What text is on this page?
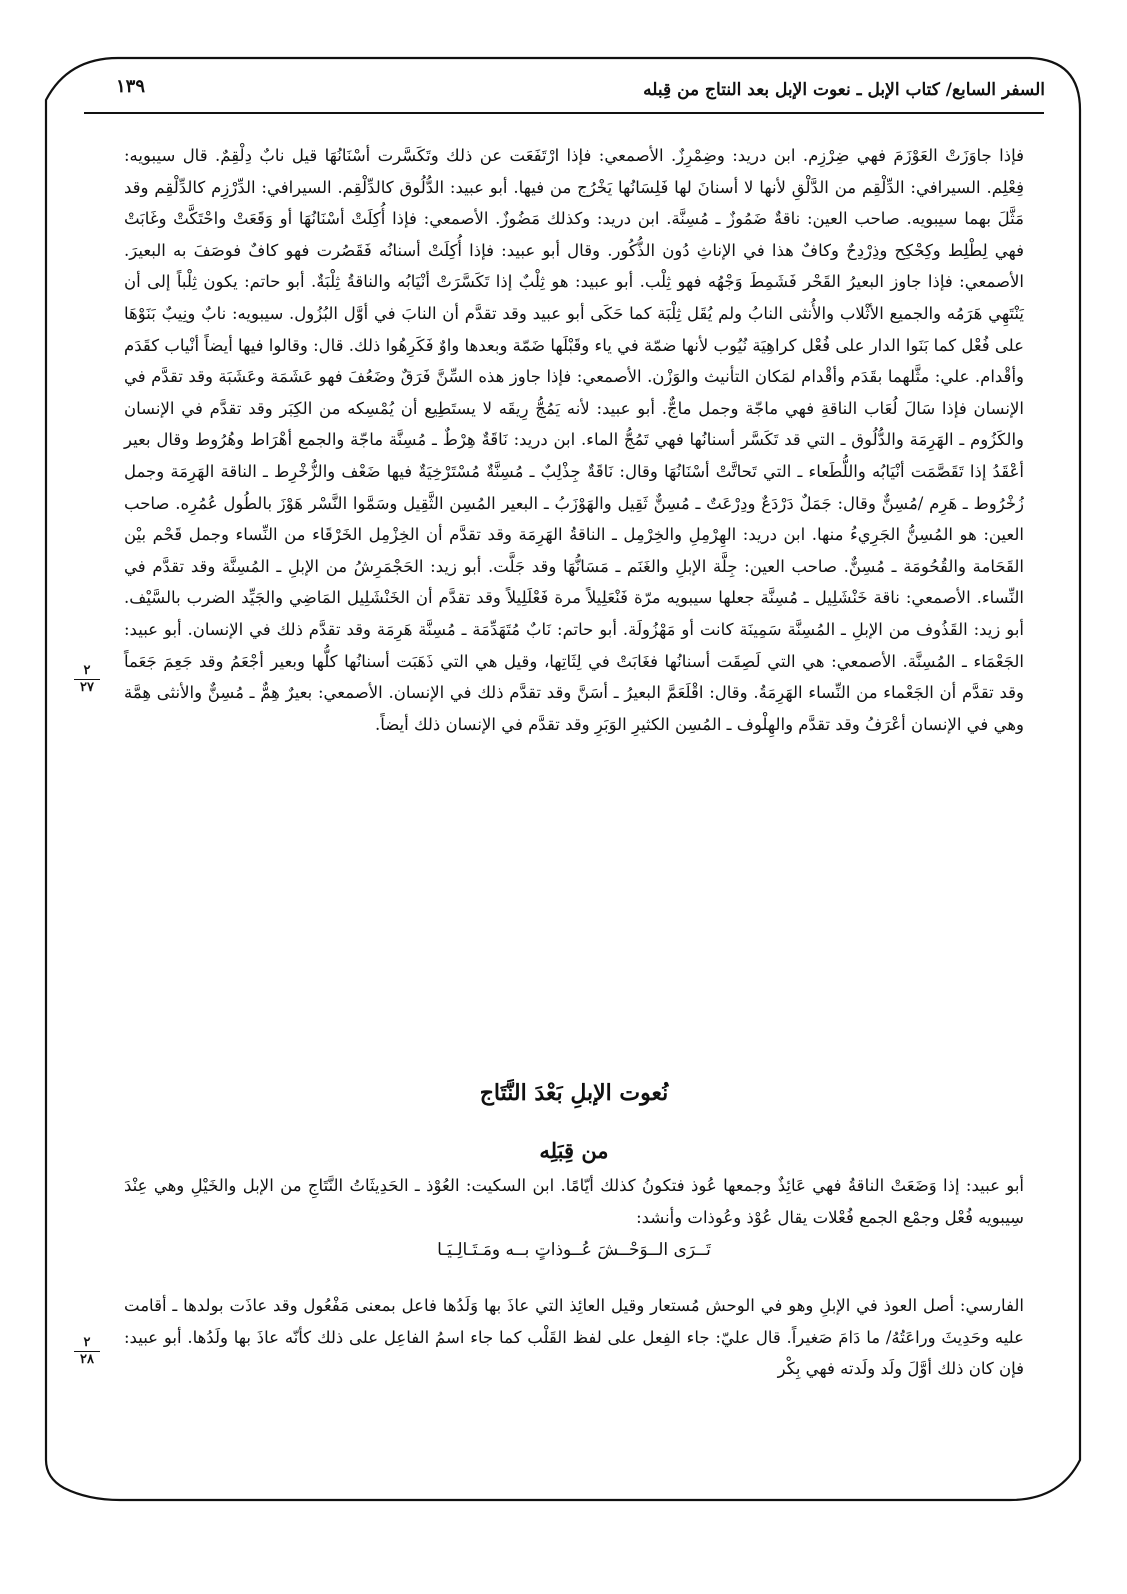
١٣٩	السفر السابع/ كتاب الإبل ـ نعوت الإبل بعد النتاج من قِبله

فإذا جاوَزَتْ العَوْزَمَ فهي ضِرْزِم. ابن دريد: وضِمْرِزٌ. الأصمعي: فإذا ارْتَفَعَت عن ذلك وتَكَسَّرت أسْنَانُهَا قيل نابٌ دِلْقِمٌ. قال سيبويه: فِعْلِم. السيرافي: الدِّلْقِم من الدَّلْقِ لأنها لا أسنانَ لها فَلِسَانُها يَخْرُج من فيها. أبو عبيد: الدُّلُوق كالدِّلْقِم. السيرافي: الدِّرْزِم كالدِّلْقِم وقد مَثَّلَ بهما سيبويه. صاحب العين: ناقةٌ ضَمُوزٌ ـ مُسِنَّة. ابن دريد: وكذلك مَضُوزٌ. الأصمعي: فإذا أُكِلَتْ أسْنَانُهَا أو وَقَعَتْ واحْتَكَّتْ وغَابَتْ فهي لِطْلِط وكِحْكِح وذِرْدِحٌ وكافٌ هذا في الإناثِ دُون الذُّكُور. وقال أبو عبيد: فإذا أُكِلَتْ أسنانُه فَقَصُرت فهو كافٌ فوصَفَ به البعيرَ. الأصمعي: فإذا جاوز البعيرُ القَحْر فَشَمِطَ وَجْهُه فهو ثِلْب. أبو عبيد: هو ثِلْبٌ إذا تَكَسَّرَتْ أنْيَابُه والناقةُ ثِلْبَةٌ. أبو حاتم: يكون ثِلْباً إلى أن يَنْتَهِي هَرَمُه والجميع الأثْلاب والأُنثى النابُ ولم يُقَل ثِلْبَة كما حَكَى أبو عبيد وقد تقدَّم أن النابَ في أوَّل البُزُول. سيبويه: نابٌ ونِيبٌ بَنَوْهَا على فُعْل كما بَنَوا الدار على فُعْل كراهِيَة نُيُوب لأنها ضمّة في ياء وقَبْلَها ضَمّة وبعدها واوٌ فَكَرِهُوا ذلك. قال: وقالوا فيها أيضاً أنْياب كقَدَم وأقْدام. علي: مثَّلهما بقَدَم وأقْدام لمَكان التأنيث والوَزْن. الأصمعي: فإذا جاوز هذه السِّنَّ فَرَقٌ وضَعُفَ فهو عَشَمَة وعَشَبَة وقد تقدَّم في الإنسان فإذا سَالَ لُعَاب الناقةِ فهي ماجّة وجمل ماجٌّ. أبو عبيد: لأنه يَمُجُّ رِيقَه لا يستَطِيع أن يُمْسِكه من الكِبَر وقد تقدَّم في الإنسان والكَزُوم ـ الهَرِمَة والدُّلُوق ـ التي قد تَكَسَّر أسنانُها فهي تَمُجُّ الماء. ابن دريد: نَاقَةٌ هِرْطٌ ـ مُسِنَّة ماجّة والجمع أهْرَاط وهُرُوط وقال بعير أعْقَدُ إذا تَقَصَّمَت أنْيَابُه واللُّطَعاء ـ التي تَحاتَّتْ أسْنَانُهَا وقال: نَاقَةٌ جِذْلِبٌ ـ مُسِنَّةٌ مُسْتَرْخِيَةٌ فيها ضَعْف والزُّخْرِط ـ الناقة الهَرِمَة وجمل زُخْرُوط ـ هَرِم /مُسِنٌّ وقال: جَمَلٌ دَرْدَعٌ ودِرْعَتٌ ـ مُسِنٌّ ثَقِيل والهَوْزَبُ ـ البعير المُسِن الثَّقِيل وسَمَّوا النَّسْر هَوْزَ بالطُول عُمُرِه. صاحب العين: هو المُسِنُّ الجَرِيءُ منها. ابن دريد: الهِرْمِلِ والخِرْمِل ـ الناقةُ الهَرِمَة وقد تقدَّم أن الخِزْمِل الخَرْقَاء من النِّساء وجمل قَحْم بيْن القَحَامة والقُحُومَة ـ مُسِنٌّ. صاحب العين: جِلَّة الإبلِ والغَنَم ـ مَسَانُّهَا وقد جَلَّت. أبو زيد: الحَجْمَرِشُ من الإبلِ ـ المُسِنَّة وقد تقدَّم في النِّساء. الأصمعي: ناقة خَنْشَلِيل ـ مُسِنَّة جعلها سيبويه مرّة فَنْعَلِيلاً مرة فَعْلَلِيلاً وقد تقدَّم أن الخَنْشَلِيل المَاضِي والجَيِّد الضرب بالسَّيْف. أبو زيد: القَذُوف من الإبلِ ـ المُسِنَّة سَمِينَة كانت أو مَهْزُولَة. أبو حاتم: نَابٌ مُتَهَدِّمَة ـ مُسِنَّة هَرِمَة وقد تقدَّم ذلك في الإنسان. أبو عبيد: الجَعْمَاء ـ المُسِنَّة. الأصمعي: هي التي لَصِقَت أسنانُها فغَابَتْ في لِثَاتِها، وقيل هي التي ذَهَبَت أسنانُها كلُّها وبعير أجْعَمُ وقد جَعِمَ جَعَماً وقد تقدَّم أن الجَعْماء من النِّساء الهَرِمَةُ. وقال: اقْلَعَمَّ البعيرُ ـ أسَنَّ وقد تقدَّم ذلك في الإنسان. الأصمعي: بعيرٌ هِمٌّ ـ مُسِنٌّ والأنثى هِمَّة وهي في الإنسان أعْرَفُ وقد تقدَّم والهِلْوف ـ المُسِن الكثيرِ الوَبَرِ وقد تقدَّم في الإنسان ذلك أيضاً.

نُعوت الإبلِ بَعْدَ النَّتَاج
من قِبَلِه

أبو عبيد: إذا وَضَعَتْ الناقةُ فهي عَائِذٌ وجمعها عُوذ فتكونُ كذلك أيّامًا. ابن السكيت: العُوْذ ـ الحَدِيثَاتُ النَّتَاجِ من الإبل والخَيْلِ وهي عِنْدَ سِيبويه فُعْل وجمْع الجمع فُعْلات يقال عُوْذ وعُوذات وأنشد:

تَــرَى الــوَحْــشَ عُــوذاتٍ بــه ومَـتَـالِـيَـا

الفارسي: أصل العوذ في الإبلِ وهو في الوحش مُستعار وقيل العائِذ التي عاذَ بها وَلَدُها فاعل بمعنى مَفْعُول وقد عاذَت بولدها ـ أقامت عليه وحَدِيثَ وراعَتُهُ/ ما دَامَ صَغيراً. قال عليّ: جاء الفِعل على لفظ القَلْب كما جاء اسمُ الفاعِل على ذلك كأنّه عاذَ بها ولَدُها. أبو عبيد: فإن كان ذلك أوَّلَ ولَد ولَدته فهي بِكْر

٢
٢٧
٢
٢٨
